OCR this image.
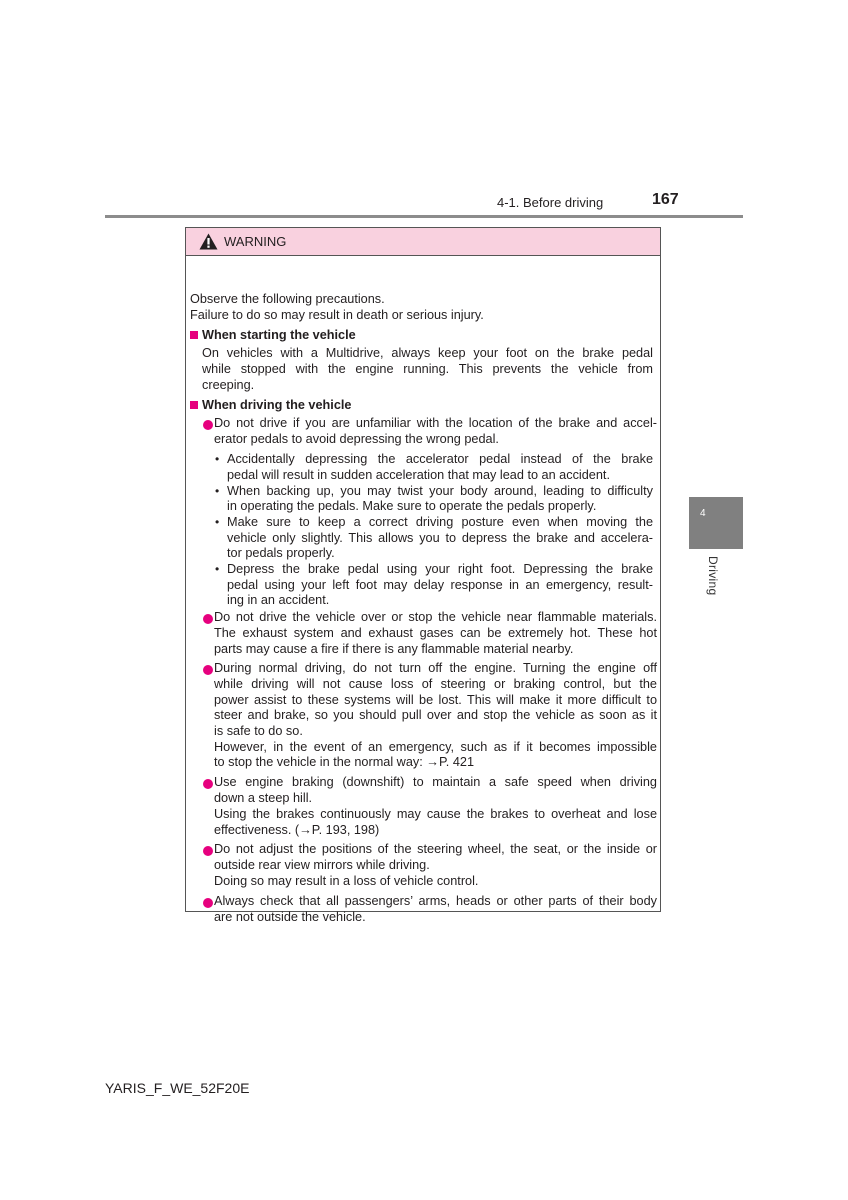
4-1. Before driving	167
4
Driving
WARNING
Observe the following precautions.
Failure to do so may result in death or serious injury.
When starting the vehicle
On vehicles with a Multidrive, always keep your foot on the brake pedal
while stopped with the engine running. This prevents the vehicle from
creeping.
When driving the vehicle
Do not drive if you are unfamiliar with the location of the brake and accel-
erator pedals to avoid depressing the wrong pedal.
• Accidentally depressing the accelerator pedal instead of the brake
pedal will result in sudden acceleration that may lead to an accident.
• When backing up, you may twist your body around, leading to difficulty
in operating the pedals. Make sure to operate the pedals properly.
• Make sure to keep a correct driving posture even when moving the
vehicle only slightly. This allows you to depress the brake and accelera-
tor pedals properly.
• Depress the brake pedal using your right foot. Depressing the brake
pedal using your left foot may delay response in an emergency, result-
ing in an accident.
Do not drive the vehicle over or stop the vehicle near flammable materials.
The exhaust system and exhaust gases can be extremely hot. These hot
parts may cause a fire if there is any flammable material nearby.
During normal driving, do not turn off the engine. Turning the engine off
while driving will not cause loss of steering or braking control, but the
power assist to these systems will be lost. This will make it more difficult to
steer and brake, so you should pull over and stop the vehicle as soon as it
is safe to do so.
However, in the event of an emergency, such as if it becomes impossible
to stop the vehicle in the normal way: →P. 421
Use engine braking (downshift) to maintain a safe speed when driving
down a steep hill.
Using the brakes continuously may cause the brakes to overheat and lose
effectiveness. (→P. 193, 198)
Do not adjust the positions of the steering wheel, the seat, or the inside or
outside rear view mirrors while driving.
Doing so may result in a loss of vehicle control.
Always check that all passengers’ arms, heads or other parts of their body
are not outside the vehicle.
YARIS_F_WE_52F20E
